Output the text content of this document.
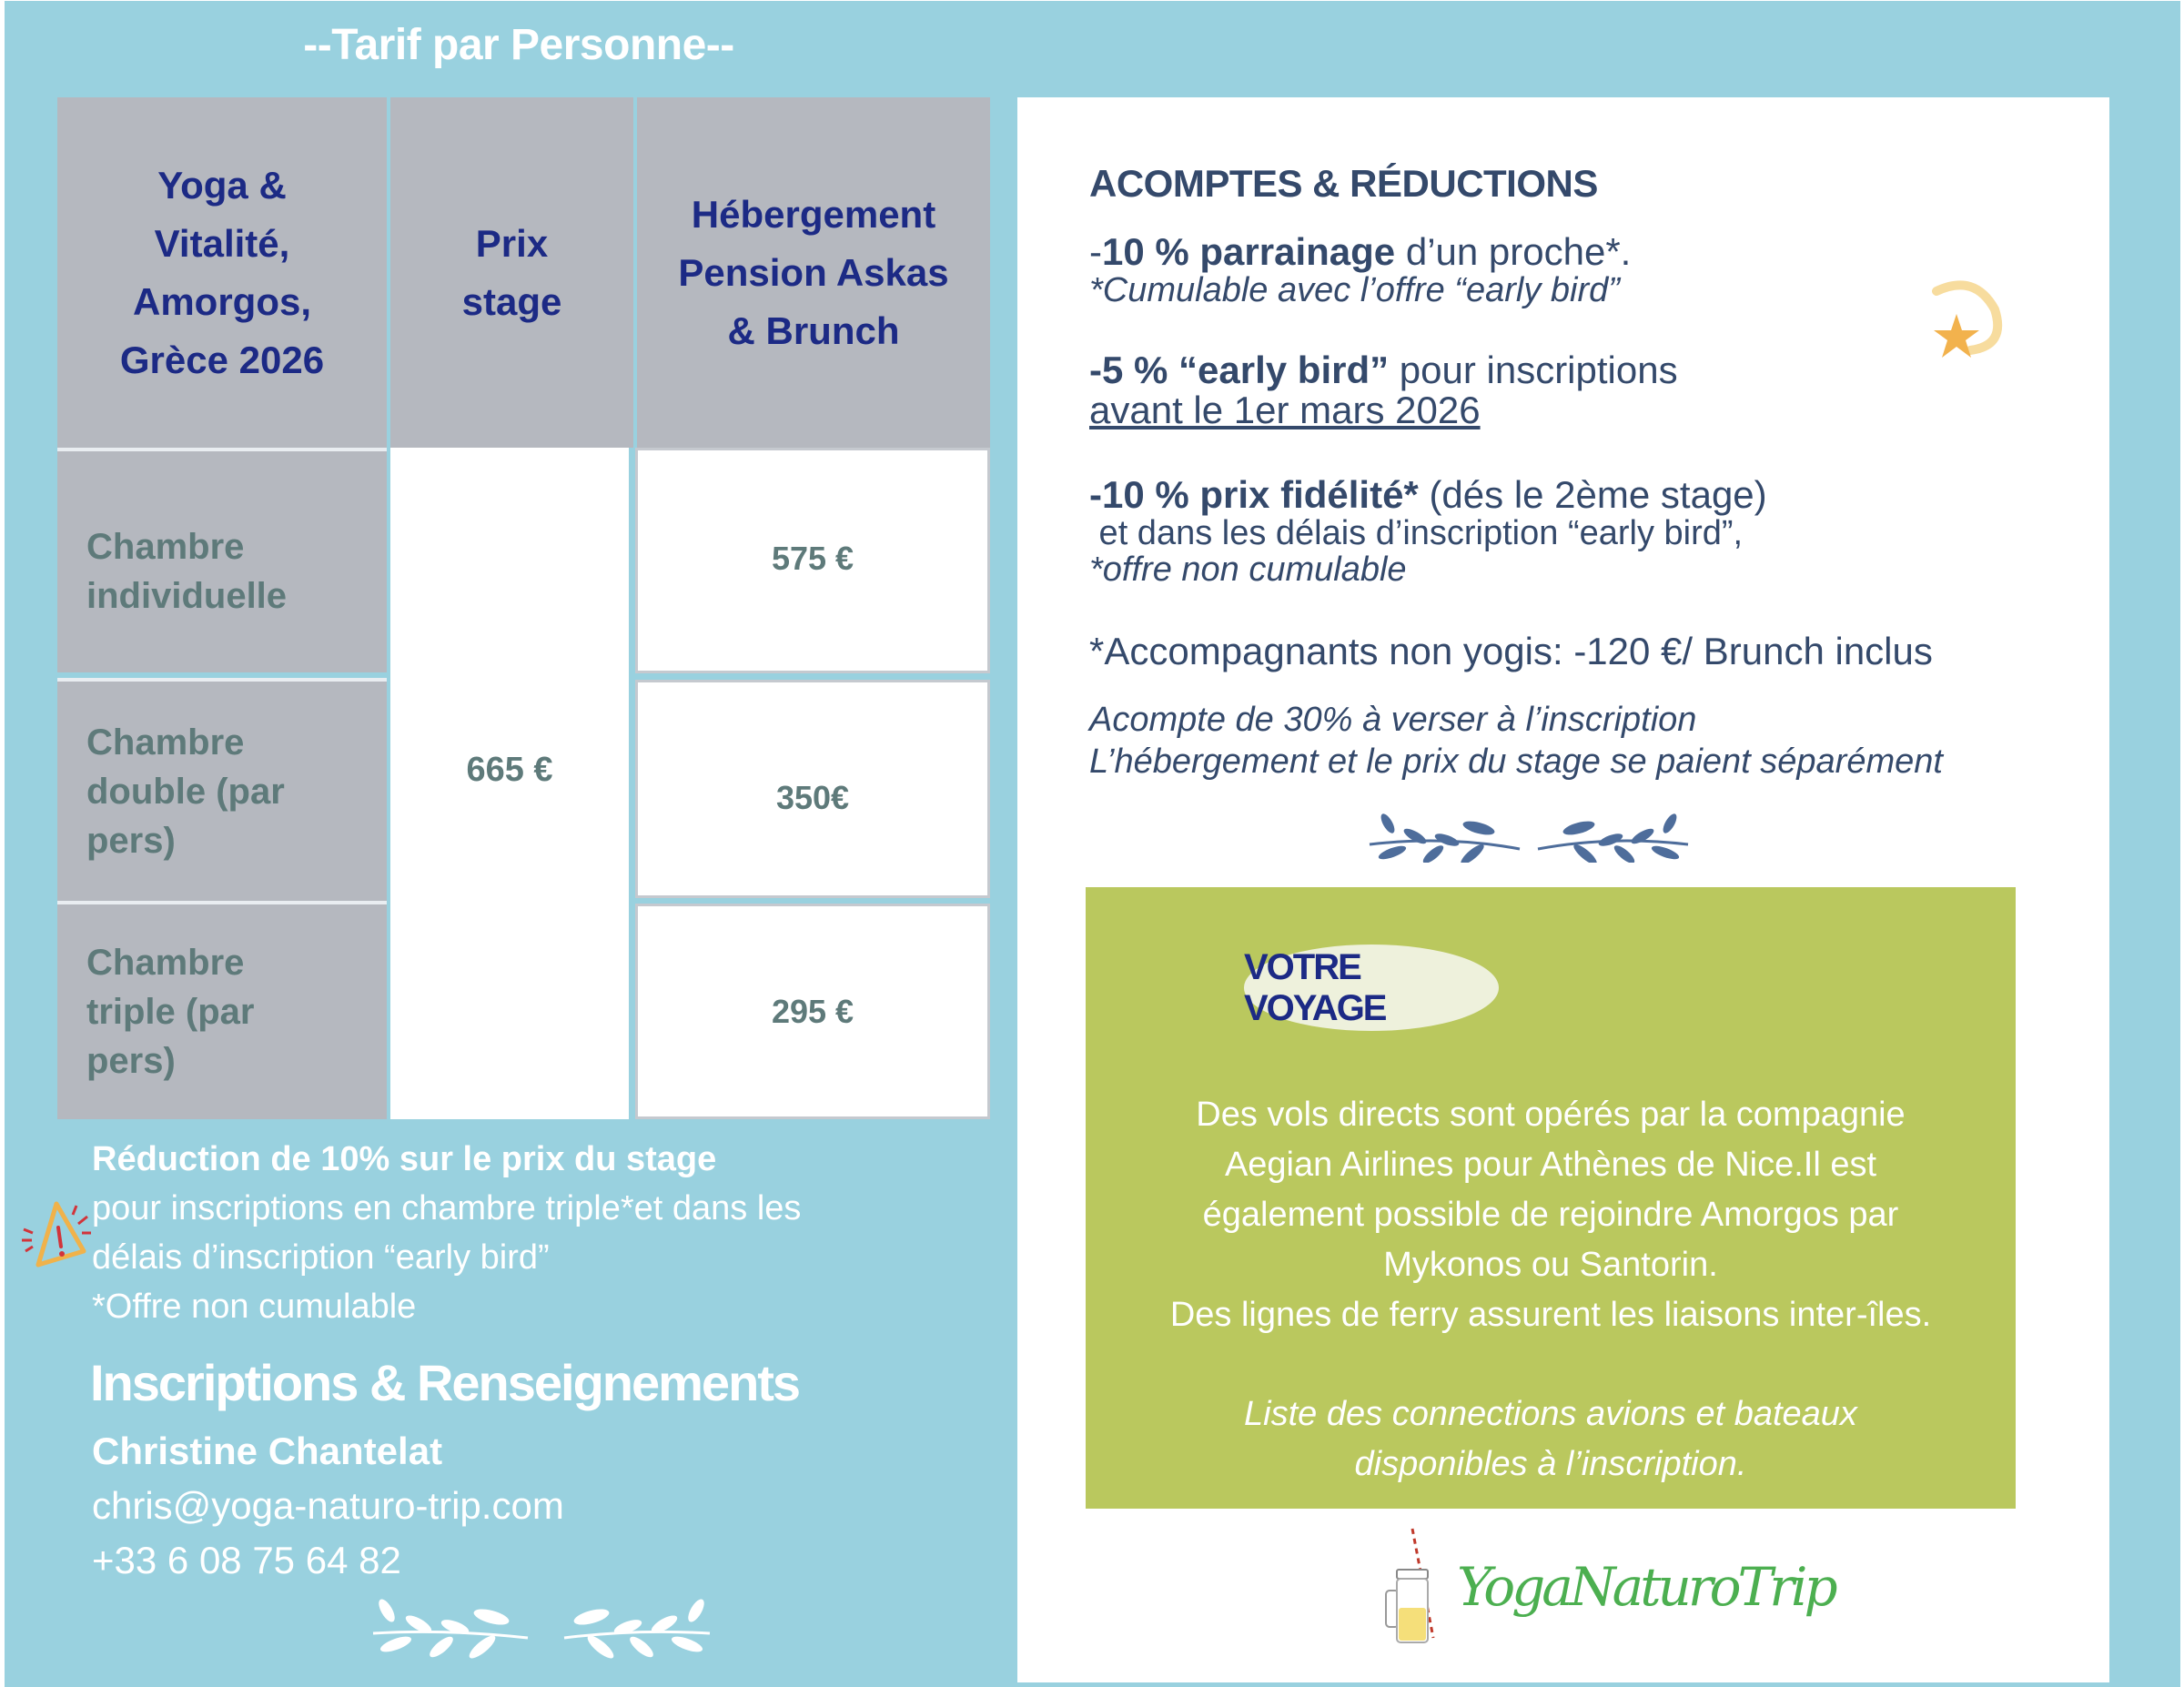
--Tarif par Personne--
Yoga &
Vitalité,
Amorgos,
Grèce 2026
Prix
stage
Hébergement
Pension Askas
& Brunch
Chambre
individuelle
Chambre
double (par
pers)
Chambre
triple (par
pers)
665 €
575 €
350€
295 €
Réduction de 10% sur le prix du stage
pour inscriptions en chambre triple*et dans les
délais d’inscription “early bird”
*Offre non cumulable
Inscriptions & Renseignements
Christine Chantelat
chris@yoga-naturo-trip.com
+33 6 08 75 64 82
ACOMPTES & RÉDUCTIONS
-10 % parrainage d’un proche*.
*Cumulable avec l’offre “early bird”
-5 % “early bird” pour inscriptions
avant le 1er mars 2026
-10 % prix fidélité* (dés le 2ème stage)
et dans les délais d’inscription “early bird”,
*offre non cumulable
*Accompagnants non yogis: -120 €/ Brunch inclus
Acompte de 30% à verser à l’inscription
L’hébergement et le prix du stage se paient séparément
VOTRE VOYAGE
Des vols directs sont opérés par la compagnie
Aegian Airlines pour Athènes de Nice.Il est
également possible de rejoindre Amorgos par
Mykonos ou Santorin.
Des lignes de ferry assurent les liaisons inter-îles.
Liste des connections avions et bateaux
disponibles à l’inscription.
YogaNaturoTrip
